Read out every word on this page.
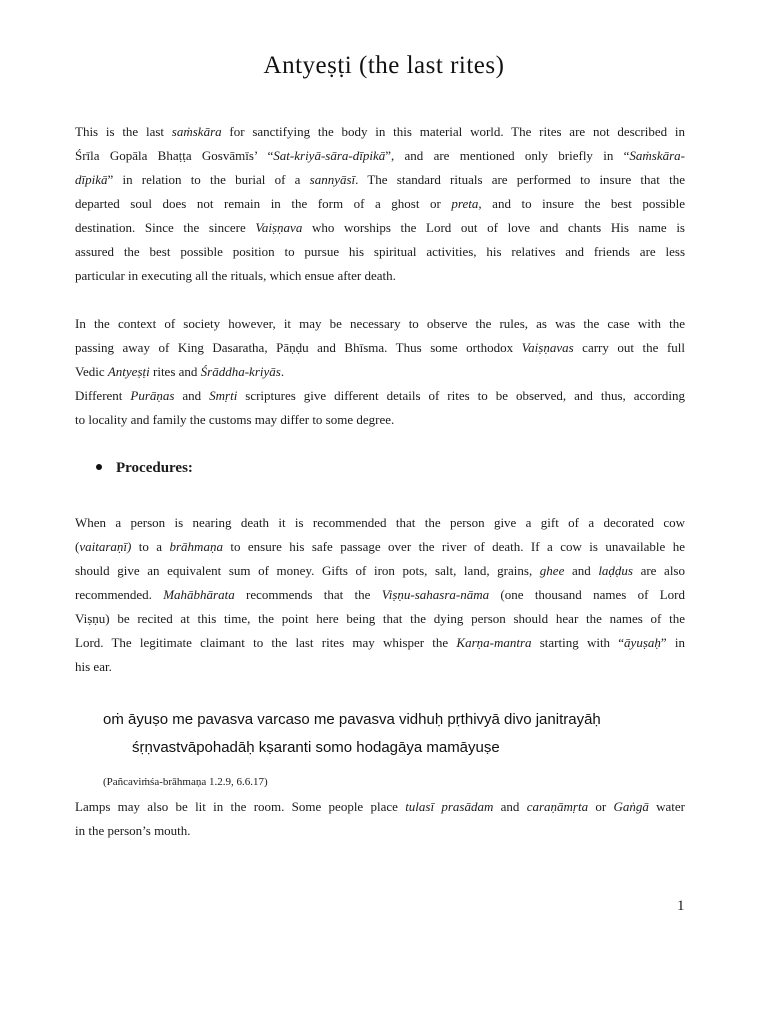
Antyeṣṭi (the last rites)
This is the last saṁskāra for sanctifying the body in this material world. The rites are not described in
Śrīla Gopāla Bhaṭṭa Gosvāmīs’ “Sat-kriyā-sāra-dīpikā”, and are mentioned only briefly in “Saṁskāra-
dīpikā” in relation to the burial of a sannyāsī. The standard rituals are performed to insure that the
departed soul does not remain in the form of a ghost or preta, and to insure the best possible
destination. Since the sincere Vaiṣṇava who worships the Lord out of love and chants His name is
assured the best possible position to pursue his spiritual activities, his relatives and friends are less
particular in executing all the rituals, which ensue after death.
In the context of society however, it may be necessary to observe the rules, as was the case with the
passing away of King Dasaratha, Pāṇḍu and Bhīsma. Thus some orthodox Vaiṣṇavas carry out the full
Vedic Antyeṣṭi rites and Śrāddha-kriyās.
Different Purāṇas and Smṛti scriptures give different details of rites to be observed, and thus, according
to locality and family the customs may differ to some degree.
Procedures:
When a person is nearing death it is recommended that the person give a gift of a decorated cow
(vaitaraṇī) to a brāhmaṇa to ensure his safe passage over the river of death. If a cow is unavailable he
should give an equivalent sum of money. Gifts of iron pots, salt, land, grains, ghee and laḍḍus are also
recommended. Mahābhārata recommends that the Viṣṇu-sahasra-nāma (one thousand names of Lord
Viṣṇu) be recited at this time, the point here being that the dying person should hear the names of the
Lord. The legitimate claimant to the last rites may whisper the Karṇa-mantra starting with “āyuṣaḥ” in
his ear.
oṁ āyuṣo me pavasva varcaso me pavasva vidhuḥ pṛthivyā divo janitrayāḥ
śṛṇvastvāpohadāḥ kṣaranti somo hodagāya mamāyuṣe
(Pañcaviṁśa-brāhmaṇa 1.2.9, 6.6.17)
Lamps may also be lit in the room. Some people place tulasī prasādam and caraṇāmṛta or Gaṅgā water
in the person’s mouth.
1
